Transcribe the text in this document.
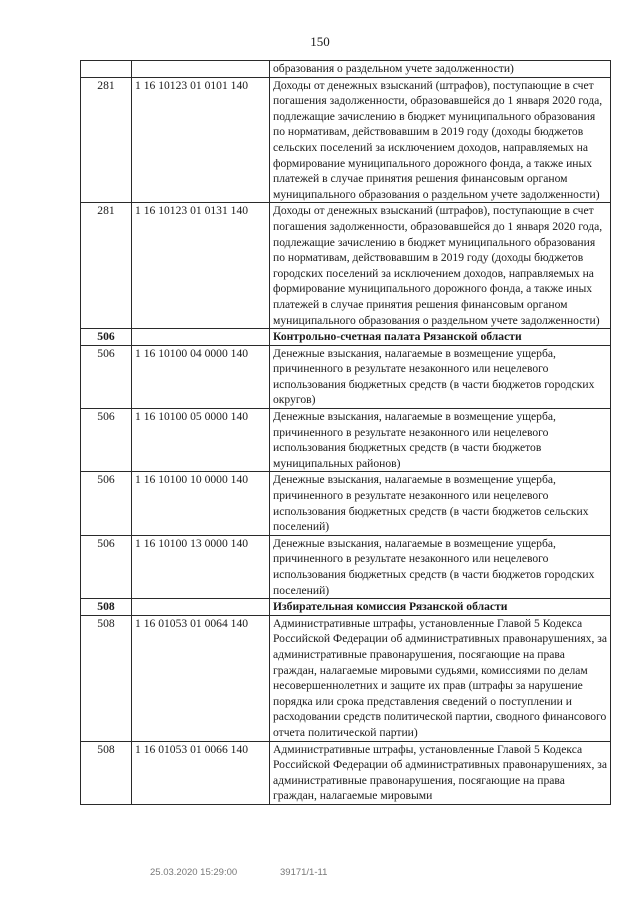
150
		образования о раздельном учете задолженности)
281	1 16 10123 01 0101 140	Доходы от денежных взысканий (штрафов), поступающие в счет погашения задолженности, образовавшейся до 1 января 2020 года, подлежащие зачислению в бюджет муниципального образования по нормативам, действовавшим в 2019 году (доходы бюджетов сельских поселений за исключением доходов, направляемых на формирование муниципального дорожного фонда, а также иных платежей в случае принятия решения финансовым органом муниципального образования о раздельном учете задолженности)
281	1 16 10123 01 0131 140	Доходы от денежных взысканий (штрафов), поступающие в счет погашения задолженности, образовавшейся до 1 января 2020 года, подлежащие зачислению в бюджет муниципального образования по нормативам, действовавшим в 2019 году (доходы бюджетов городских поселений за исключением доходов, направляемых на формирование муниципального дорожного фонда, а также иных платежей в случае принятия решения финансовым органом муниципального образования о раздельном учете задолженности)
506		Контрольно-счетная палата Рязанской области
506	1 16 10100 04 0000 140	Денежные взыскания, налагаемые в возмещение ущерба, причиненного в результате незаконного или нецелевого использования бюджетных средств (в части бюджетов городских округов)
506	1 16 10100 05 0000 140	Денежные взыскания, налагаемые в возмещение ущерба, причиненного в результате незаконного или нецелевого использования бюджетных средств (в части бюджетов муниципальных районов)
506	1 16 10100 10 0000 140	Денежные взыскания, налагаемые в возмещение ущерба, причиненного в результате незаконного или нецелевого использования бюджетных средств (в части бюджетов сельских поселений)
506	1 16 10100 13 0000 140	Денежные взыскания, налагаемые в возмещение ущерба, причиненного в результате незаконного или нецелевого использования бюджетных средств (в части бюджетов городских поселений)
508		Избирательная комиссия Рязанской области
508	1 16 01053 01 0064 140	Административные штрафы, установленные Главой 5 Кодекса Российской Федерации об административных правонарушениях, за административные правонарушения, посягающие на права граждан, налагаемые мировыми судьями, комиссиями по делам несовершеннолетних и защите их прав (штрафы за нарушение порядка или срока представления сведений о поступлении и расходовании средств политической партии, сводного финансового отчета политической партии)
508	1 16 01053 01 0066 140	Административные штрафы, установленные Главой 5 Кодекса Российской Федерации об административных правонарушениях, за административные правонарушения, посягающие на права граждан, налагаемые мировыми
25.03.2020 15:29:00	39171/1-11
